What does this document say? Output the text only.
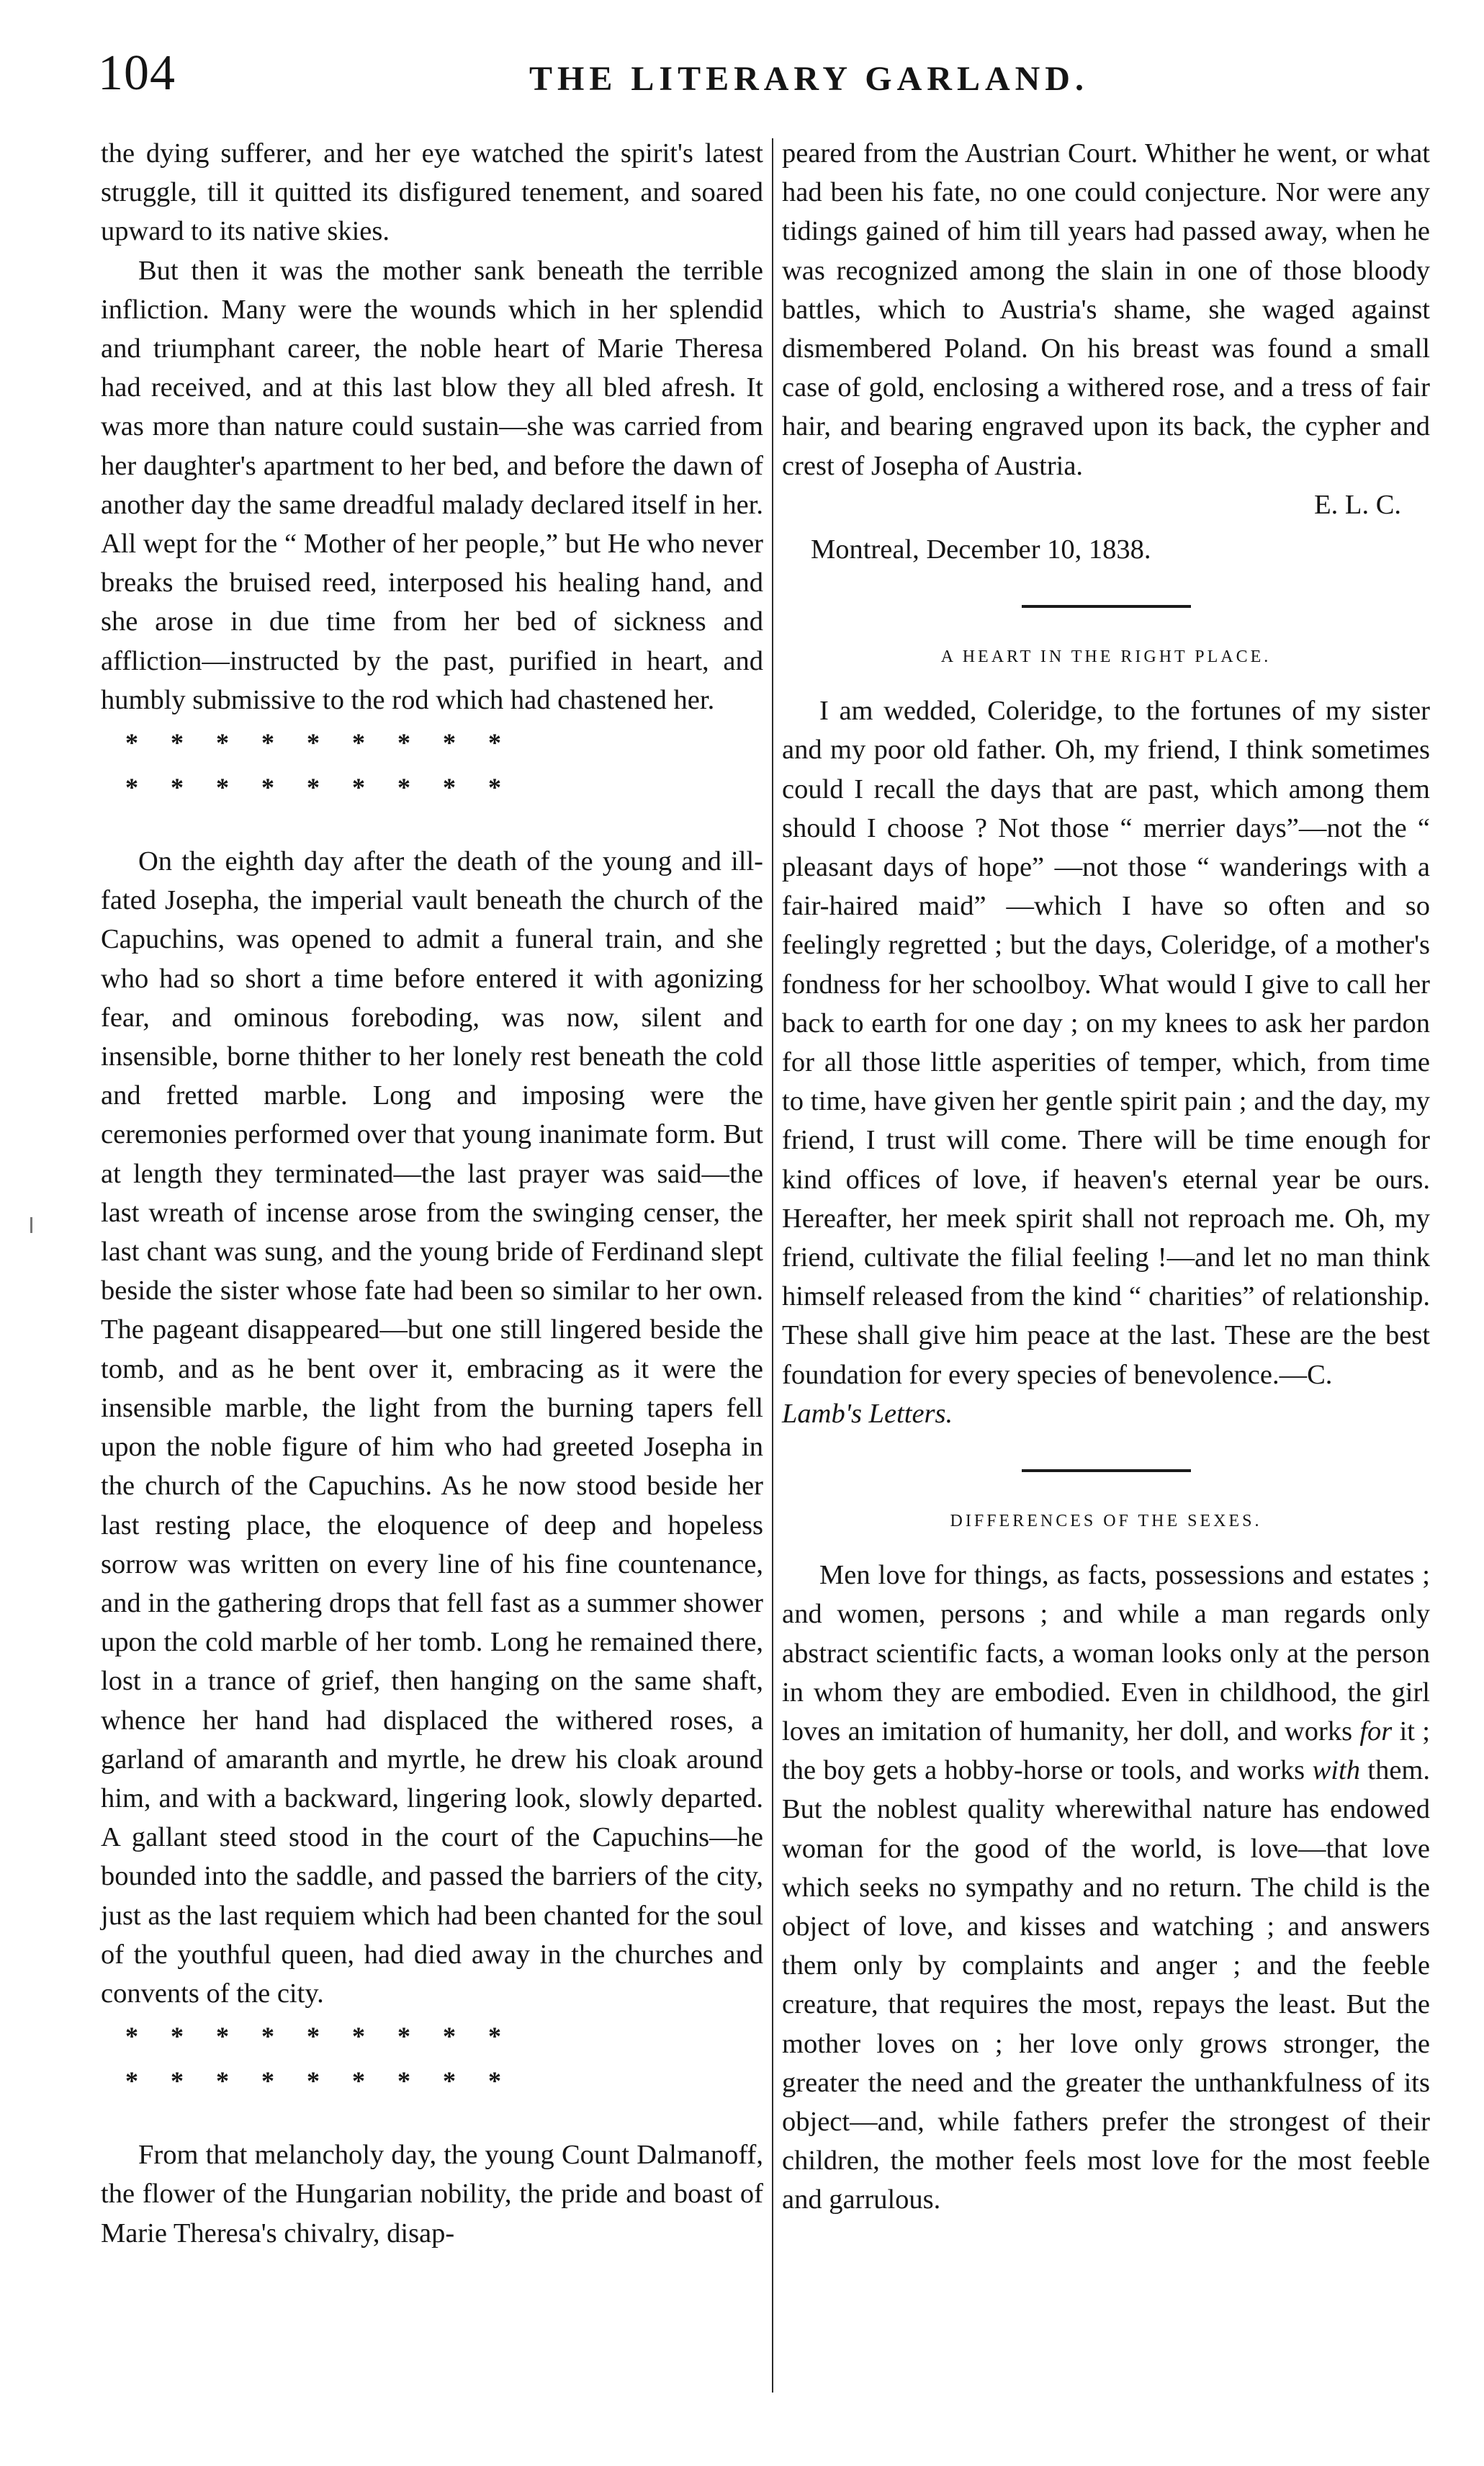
104	THE LITERARY GARLAND.

the dying sufferer, and her eye watched the spirit's latest struggle, till it quitted its disfigured tenement, and soared upward to its native skies.

But then it was the mother sank beneath the terrible infliction. Many were the wounds which in her splendid and triumphant career, the noble heart of Marie Theresa had received, and at this last blow they all bled afresh. It was more than nature could sustain—she was carried from her daughter's apartment to her bed, and before the dawn of another day the same dreadful malady declared itself in her. All wept for the “ Mother of her people,” but He who never breaks the bruised reed, interposed his healing hand, and she arose in due time from her bed of sickness and affliction—instructed by the past, purified in heart, and humbly submissive to the rod which had chastened her.

*     *     *     *     *     *     *     *     *
*     *     *     *     *     *     *     *     *

On the eighth day after the death of the young and ill-fated Josepha, the imperial vault beneath the church of the Capuchins, was opened to admit a funeral train, and she who had so short a time before entered it with agonizing fear, and ominous foreboding, was now, silent and insensible, borne thither to her lonely rest beneath the cold and fretted marble. Long and imposing were the ceremonies performed over that young inanimate form. But at length they terminated—the last prayer was said—the last wreath of incense arose from the swinging censer, the last chant was sung, and the young bride of Ferdinand slept beside the sister whose fate had been so similar to her own. The pageant disappeared—but one still lingered beside the tomb, and as he bent over it, embracing as it were the insensible marble, the light from the burning tapers fell upon the noble figure of him who had greeted Josepha in the church of the Capuchins. As he now stood beside her last resting place, the eloquence of deep and hopeless sorrow was written on every line of his fine countenance, and in the gathering drops that fell fast as a summer shower upon the cold marble of her tomb. Long he remained there, lost in a trance of grief, then hanging on the same shaft, whence her hand had displaced the withered roses, a garland of amaranth and myrtle, he drew his cloak around him, and with a backward, lingering look, slowly departed. A gallant steed stood in the court of the Capuchins—he bounded into the saddle, and passed the barriers of the city, just as the last requiem which had been chanted for the soul of the youthful queen, had died away in the churches and convents of the city.

*     *     *     *     *     *     *     *     *
*     *     *     *     *     *     *     *     *

From that melancholy day, the young Count Dalmanoff, the flower of the Hungarian nobility, the pride and boast of Marie Theresa's chivalry, disap-

peared from the Austrian Court. Whither he went, or what had been his fate, no one could conjecture. Nor were any tidings gained of him till years had passed away, when he was recognized among the slain in one of those bloody battles, which to Austria's shame, she waged against dismembered Poland. On his breast was found a small case of gold, enclosing a withered rose, and a tress of fair hair, and bearing engraved upon its back, the cypher and crest of Josepha of Austria.

E. L. C.

Montreal, December 10, 1838.

A HEART IN THE RIGHT PLACE.

I am wedded, Coleridge, to the fortunes of my sister and my poor old father. Oh, my friend, I think sometimes could I recall the days that are past, which among them should I choose ? Not those “ merrier days”—not the “ pleasant days of hope” —not those “ wanderings with a fair-haired maid” —which I have so often and so feelingly regretted ; but the days, Coleridge, of a mother's fondness for her schoolboy. What would I give to call her back to earth for one day ; on my knees to ask her pardon for all those little asperities of temper, which, from time to time, have given her gentle spirit pain ; and the day, my friend, I trust will come. There will be time enough for kind offices of love, if heaven's eternal year be ours. Hereafter, her meek spirit shall not reproach me. Oh, my friend, cultivate the filial feeling !—and let no man think himself released from the kind “ charities” of relationship. These shall give him peace at the last. These are the best foundation for every species of benevolence.—C.
Lamb's Letters.

DIFFERENCES OF THE SEXES.

Men love for things, as facts, possessions and estates ; and women, persons ; and while a man regards only abstract scientific facts, a woman looks only at the person in whom they are embodied. Even in childhood, the girl loves an imitation of humanity, her doll, and works for it ; the boy gets a hobby-horse or tools, and works with them. But the noblest quality wherewithal nature has endowed woman for the good of the world, is love—that love which seeks no sympathy and no return. The child is the object of love, and kisses and watching ; and answers them only by complaints and anger ; and the feeble creature, that requires the most, repays the least. But the mother loves on ; her love only grows stronger, the greater the need and the greater the unthankfulness of its object—and, while fathers prefer the strongest of their children, the mother feels most love for the most feeble and garrulous.
